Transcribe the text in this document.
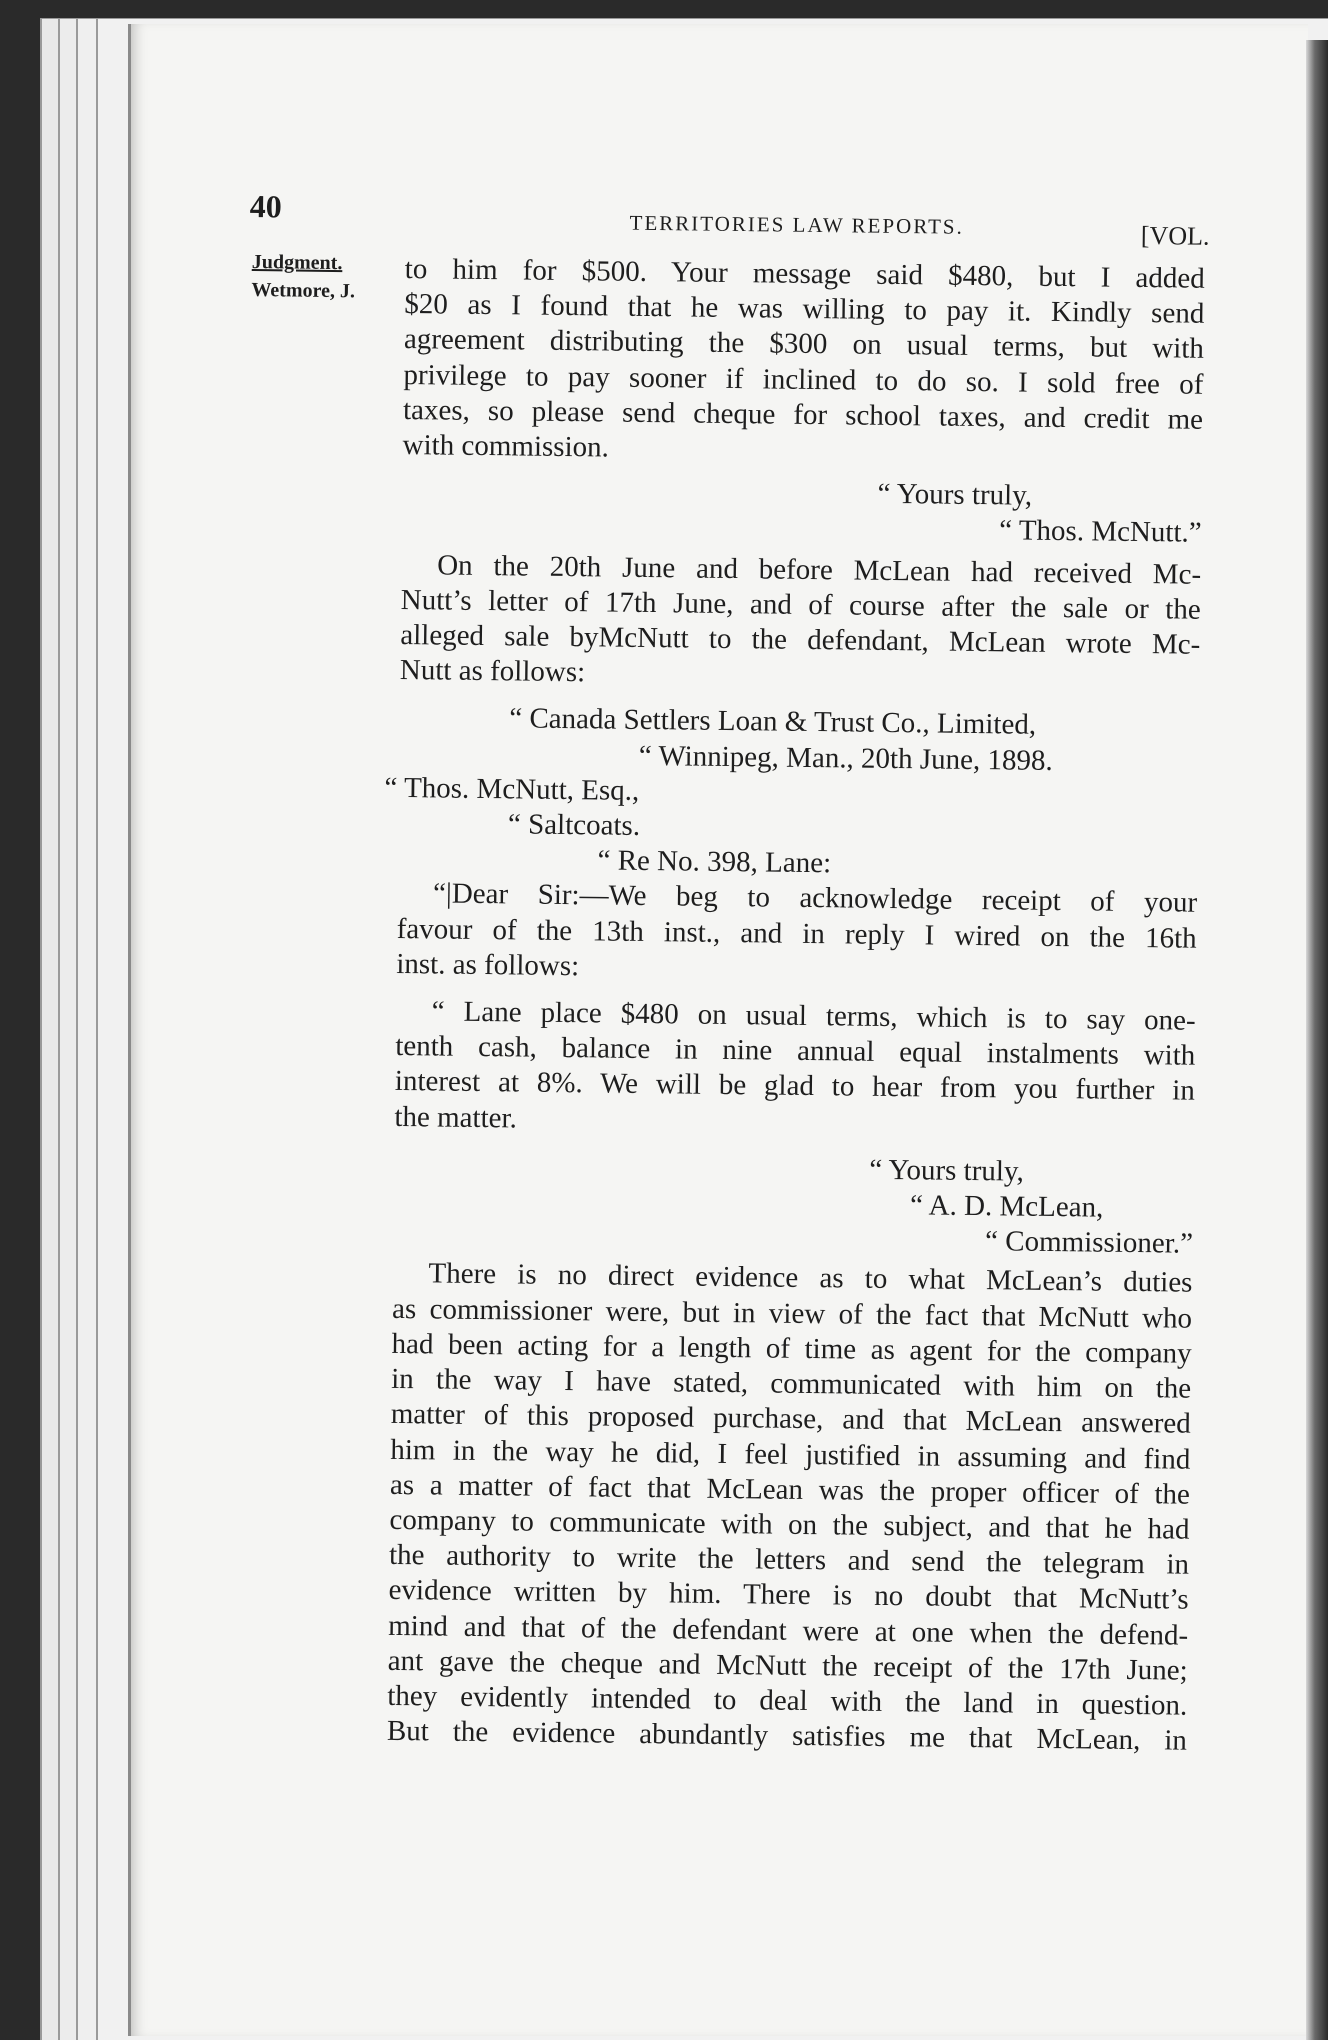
40
TERRITORIES LAW REPORTS.	[VOL.
Judgment.
Wetmore, J.	to him for $500. Your message said $480, but I added
$20 as I found that he was willing to pay it. Kindly send
agreement distributing the $300 on usual terms, but with
privilege to pay sooner if inclined to do so. I sold free of
taxes, so please send cheque for school taxes, and credit me
with commission.
“ Yours truly,
“ Thos. McNutt.”
On the 20th June and before McLean had received Mc-
Nutt’s letter of 17th June, and of course after the sale or the
alleged sale byMcNutt to the defendant, McLean wrote Mc-
Nutt as follows:
“ Canada Settlers Loan & Trust Co., Limited,
“ Winnipeg, Man., 20th June, 1898.
“ Thos. McNutt, Esq.,
“ Saltcoats.
“ Re No. 398, Lane:
“|Dear Sir:—We beg to acknowledge receipt of your
favour of the 13th inst., and in reply I wired on the 16th
inst. as follows:
“ Lane place $480 on usual terms, which is to say one-
tenth cash, balance in nine annual equal instalments with
interest at 8%. We will be glad to hear from you further in
the matter.
“ Yours truly,
“ A. D. McLean,
“ Commissioner.”
There is no direct evidence as to what McLean’s duties
as commissioner were, but in view of the fact that McNutt who
had been acting for a length of time as agent for the company
in the way I have stated, communicated with him on the
matter of this proposed purchase, and that McLean answered
him in the way he did, I feel justified in assuming and find
as a matter of fact that McLean was the proper officer of the
company to communicate with on the subject, and that he had
the authority to write the letters and send the telegram in
evidence written by him. There is no doubt that McNutt’s
mind and that of the defendant were at one when the defend-
ant gave the cheque and McNutt the receipt of the 17th June;
they evidently intended to deal with the land in question.
But the evidence abundantly satisfies me that McLean, in
